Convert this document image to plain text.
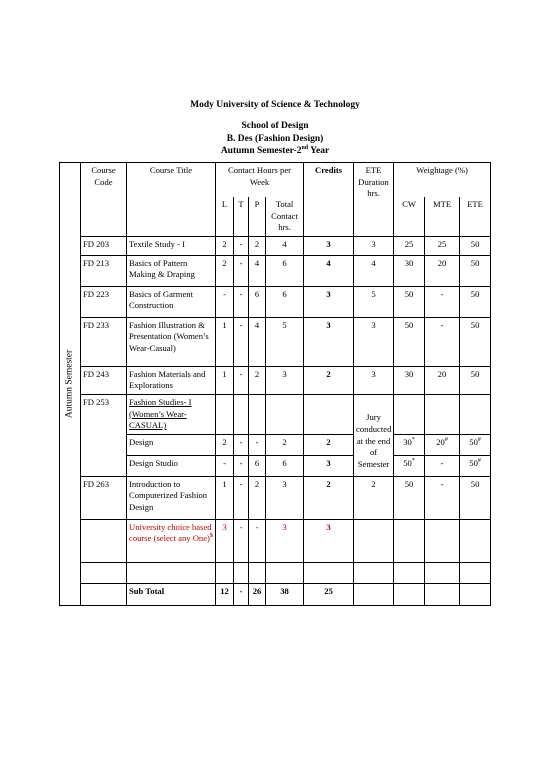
Mody University of Science & Technology
School of Design
B. Des (Fashion Design)
Autumn Semester-2nd Year
Autumn Semester	Course Code	Course Title	Contact Hours per Week				Credits	ETE Duration hrs.	Weightage (%)		
			L	T	P	Total Contact hrs.			CW	MTE	ETE
	FD 203	Textile Study - I	2	-	2	4	3	3	25	25	50
	FD 213	Basics of Pattern Making & Draping	2	-	4	6	4	4	30	20	50
	FD 223	Basics of Garment Construction	-	-	6	6	3	5	50	-	50
	FD 233	Fashion Illustration & Presentation (Women’s Wear-Casual)	1	-	4	5	3	3	50	-	50
	FD 243	Fashion Materials and Explorations	1	-	2	3	2	3	30	20	50
	FD 253	Fashion Studies- I (Women’s Wear-CASUAL)						Jury conducted at the end of Semester			
		Design	2	-	-	2	2		30*	20#	50#
		Design Studio	-	-	6	6	3		50*	-	50#
	FD 263	Introduction to Computerized Fashion Design	1	-	2	3	2	2	50	-	50
		University choice based course (select any One)$	3	-	-	3	3				

		Sub Total	12	-	26	38	25				
